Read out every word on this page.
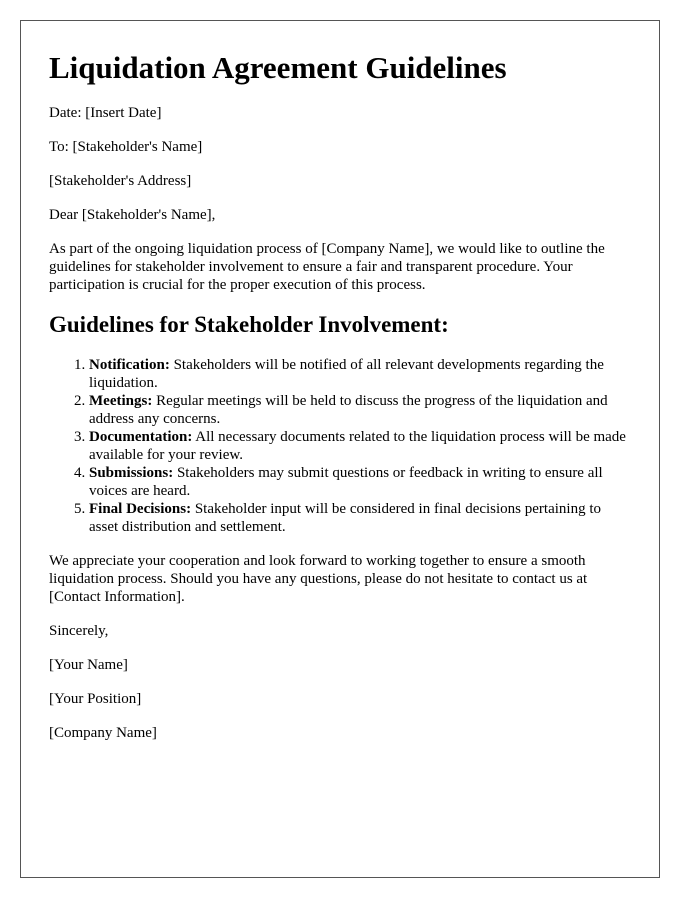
Liquidation Agreement Guidelines

Date: [Insert Date]

To: [Stakeholder's Name]

[Stakeholder's Address]

Dear [Stakeholder's Name],

As part of the ongoing liquidation process of [Company Name], we would like to outline the guidelines for stakeholder involvement to ensure a fair and transparent procedure. Your participation is crucial for the proper execution of this process.

Guidelines for Stakeholder Involvement:
1. Notification: Stakeholders will be notified of all relevant developments regarding the liquidation.
2. Meetings: Regular meetings will be held to discuss the progress of the liquidation and address any concerns.
3. Documentation: All necessary documents related to the liquidation process will be made available for your review.
4. Submissions: Stakeholders may submit questions or feedback in writing to ensure all voices are heard.
5. Final Decisions: Stakeholder input will be considered in final decisions pertaining to asset distribution and settlement.

We appreciate your cooperation and look forward to working together to ensure a smooth liquidation process. Should you have any questions, please do not hesitate to contact us at [Contact Information].

Sincerely,

[Your Name]

[Your Position]

[Company Name]
